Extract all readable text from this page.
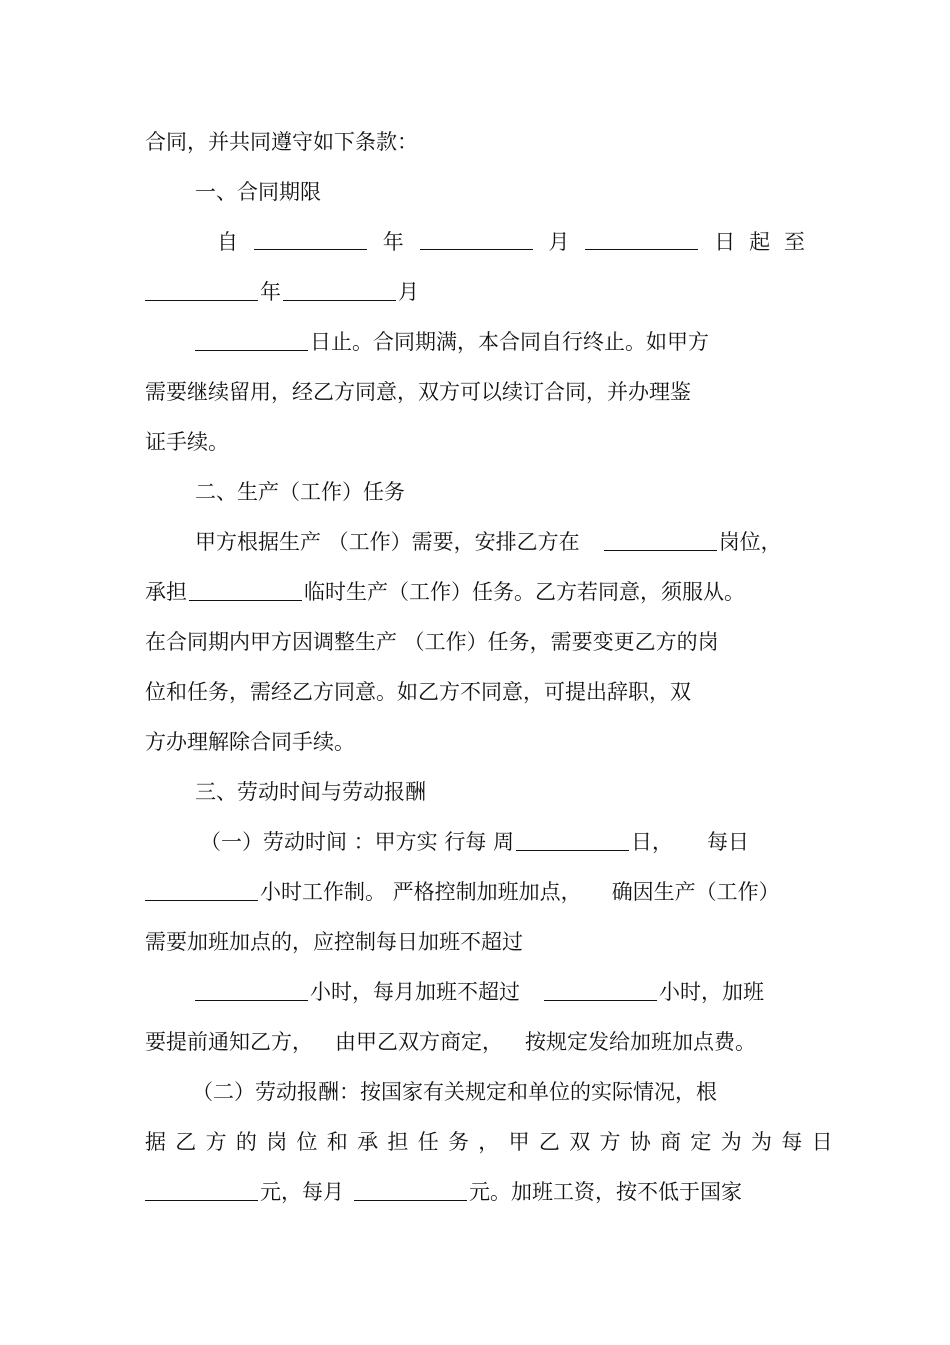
合同，并共同遵守如下条款：
一、合同期限
自	年	月	日 起 至
年	月
日止。合同期满，本合同自行终止。如甲方
需要继续留用，经乙方同意，双方可以续订合同，并办理鉴
证手续。
二、生产（工作）任务
甲方根据生产 （工作）需要，安排乙方在	岗位，
承担	临时生产（工作）任务。乙方若同意，须服从。
在合同期内甲方因调整生产 （工作）任务，需要变更乙方的岗
位和任务，需经乙方同意。如乙方不同意，可提出辞职，双
方办理解除合同手续。
三、劳动时间与劳动报酬
（一）劳动时间 ：甲方实 行每 周	日， 每日
小时工作制。 严格控制加班加点， 确因生产（工作）
需要加班加点的，应控制每日加班不超过
小时，每月加班不超过	小时，加班
要提前通知乙方， 由甲乙双方商定， 按规定发给加班加点费。
（二）劳动报酬：按国家有关规定和单位的实际情况，根
据乙方的岗位和承担任务，甲乙双方协商定为为每日
元，每月	元。加班工资，按不低于国家
